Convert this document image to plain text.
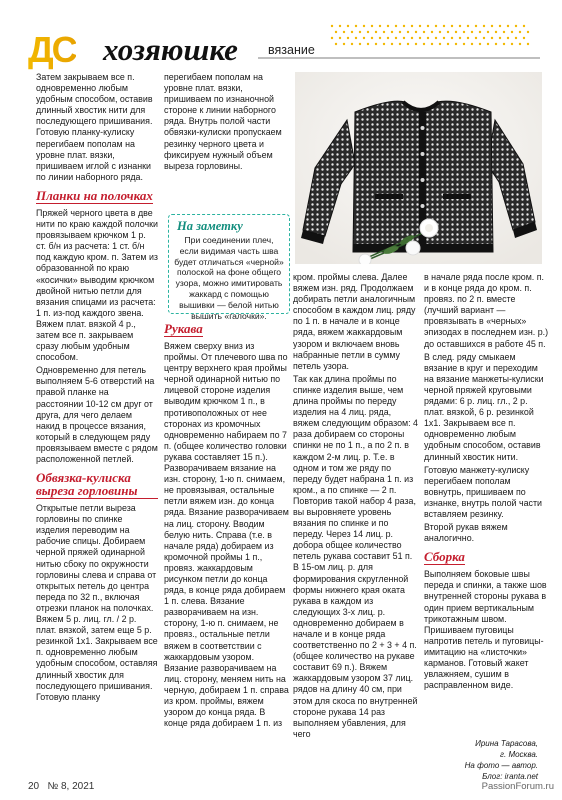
ДС хозяюшке вязание

Затем закрываем все п. одновременно любым удобным способом, оставив длинный хвостик нити для последующего пришивания. Готовую планку-кулиску перегибаем пополам на уровне плат. вязки, пришиваем иглой с изнанки по линии наборного ряда.

Планки на полочках

Пряжей черного цвета в две нити по краю каждой полочки провязываем крючком 1 р. ст. б/н из расчета: 1 ст. б/н под каждую кром. п. Затем из образованной по краю «косички» выводим крючком двойной нитью петли для вязания спицами из расчета: 1 п. из-под каждого звена. Вяжем плат. вязкой 4 р., затем все п. закрываем сразу любым удобным способом.

Одновременно для петель выполняем 5-6 отверстий на правой планке на расстоянии 10-12 см друг от друга, для чего делаем накид в процессе вязания, который в следующем ряду провязываем вместе с рядом расположенной петлей.

Обвязка-кулиска выреза горловины

Открытые петли выреза горловины по спинке изделия переводим на рабочие спицы. Добираем черной пряжей одинарной нитью сбоку по окружности горловины слева и справа от открытых петель до центра переда по 32 п., включая отрезки планок на полочках. Вяжем 5 р. лиц. гл. / 2 р. плат. вязкой, затем еще 5 р. резинкой 1х1. Закрываем все п. одновременно любым удобным способом, оставляя длинный хвостик для последующего пришивания. Готовую планку

перегибаем пополам на уровне плат. вязки, пришиваем по изнаночной стороне к линии наборного ряда. Внутрь полой части обвязки-кулиски пропускаем резинку черного цвета и фиксируем нужный объем выреза горловины.

На заметку
При соединении плеч, если видимая часть шва будет отличаться «черной» полоской на фоне общего узора, можно имитировать жаккард с помощью вышивки — белой нитью вышить «галочки».
Рукава

Вяжем сверху вниз из проймы. От плечевого шва по центру верхнего края проймы черной одинарной нитью по лицевой стороне изделия выводим крючком 1 п., в противоположных от нее сторонах из кромочных одновременно набираем по 7 п. (общее количество головки рукава составляет 15 п.). Разворачиваем вязание на изн. сторону, 1-ю п. снимаем, не провязывая, остальные петли вяжем изн. до конца ряда. Вязание разворачиваем на лиц. сторону. Вводим белую нить. Справа (т.е. в начале ряда) добираем из кромочной проймы 1 п., провяз. жаккардовым рисунком петли до конца ряда, в конце ряда добираем 1 п. слева. Вязание разворачиваем на изн. сторону, 1-ю п. снимаем, не провяз., остальные петли вяжем в соответствии с жаккардовым узором. Вязание разворачиваем на лиц. сторону, меняем нить на черную, добираем 1 п. справа из кром. проймы, вяжем узором до конца ряда. В конце ряда добираем 1 п. из

кром. проймы слева. Далее вяжем изн. ряд. Продолжаем добирать петли аналогичным способом в каждом лиц. ряду по 1 п. в начале и в конце ряда, вяжем жаккардовым узором и включаем вновь набранные петли в сумму петель узора.

Так как длина проймы по спинке изделия выше, чем длина проймы по переду изделия на 4 лиц. ряда, вяжем следующим образом: 4 раза добираем со стороны спинки не по 1 п., а по 2 п. в каждом 2-м лиц. р. Т.е. в одном и том же ряду по переду будет набрана 1 п. из кром., а по спинке — 2 п. Повторив такой набор 4 раза, вы выровняете уровень вязания по спинке и по переду. Через 14 лиц. р. добора общее количество петель рукава составит 51 п. В 15-ом лиц. р. для формирования скругленной формы нижнего края оката рукава в каждом из следующих 3-х лиц. р. одновременно добираем в начале и в конце ряда соответственно по 2 + 3 + 4 п. (общее количество на рукаве составит 69 п.). Вяжем жаккардовым узором 37 лиц. рядов на длину 40 см, при этом для скоса по внутренней стороне рукава 14 раз выполняем убавления, для чего

в начале ряда после кром. п. и в конце ряда до кром. п. провяз. по 2 п. вместе (лучший вариант — провязывать в «черных» эпизодах в последнем изн. р.) до оставшихся в работе 45 п.

В след. ряду смыкаем вязание в круг и переходим на вязание манжеты-кулиски черной пряжей круговыми рядами: 6 р. лиц. гл., 2 р. плат. вязкой, 6 р. резинкой 1х1. Закрываем все п. одновременно любым удобным способом, оставив длинный хвостик нити.

Готовую манжету-кулиску перегибаем пополам вовнутрь, пришиваем по изнанке, внутрь полой части вставляем резинку.

Второй рукав вяжем аналогично.

Сборка

Выполняем боковые швы переда и спинки, а также шов внутренней стороны рукава в один прием вертикальным трикотажным швом. Пришиваем пуговицы напротив петель и пуговицы-имитацию на «листочки» карманов. Готовый жакет увлажняем, сушим в расправленном виде.

Ирина Тарасова,
г. Москва.
На фото — автор.
Блог: iranta.net
20 № 8, 2021	PassionForum.ru
